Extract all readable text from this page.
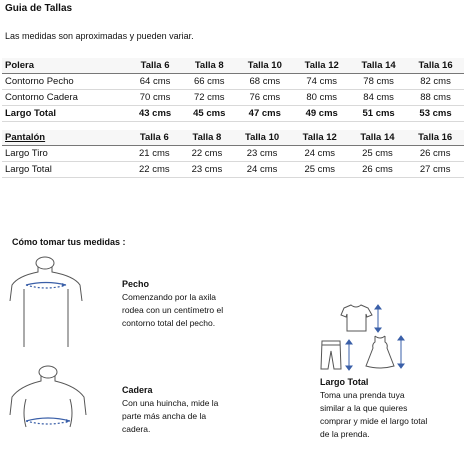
Guia de Tallas
Las medidas son aproximadas y pueden variar.
Polera	Talla 6	Talla 8	Talla 10	Talla 12	Talla 14	Talla 16
Contorno Pecho	64 cms	66 cms	68 cms	74 cms	78 cms	82 cms
Contorno Cadera	70 cms	72 cms	76 cms	80 cms	84 cms	88 cms
Largo Total	43 cms	45 cms	47 cms	49 cms	51 cms	53 cms
Pantalón	Talla 6	Talla 8	Talla 10	Talla 12	Talla 14	Talla 16
Largo Tiro	21 cms	22 cms	23 cms	24 cms	25 cms	26 cms
Largo Total	22 cms	23 cms	24 cms	25 cms	26 cms	27 cms
Cómo tomar tus medidas :
Pecho
Comenzando por la axila
rodea con un centímetro el
contorno total del pecho.
Cadera
Con una huincha, mide la
parte más ancha de la
cadera.
Largo Total
Toma una prenda tuya
similar a la que quieres
comprar y mide el largo total
de la prenda.
